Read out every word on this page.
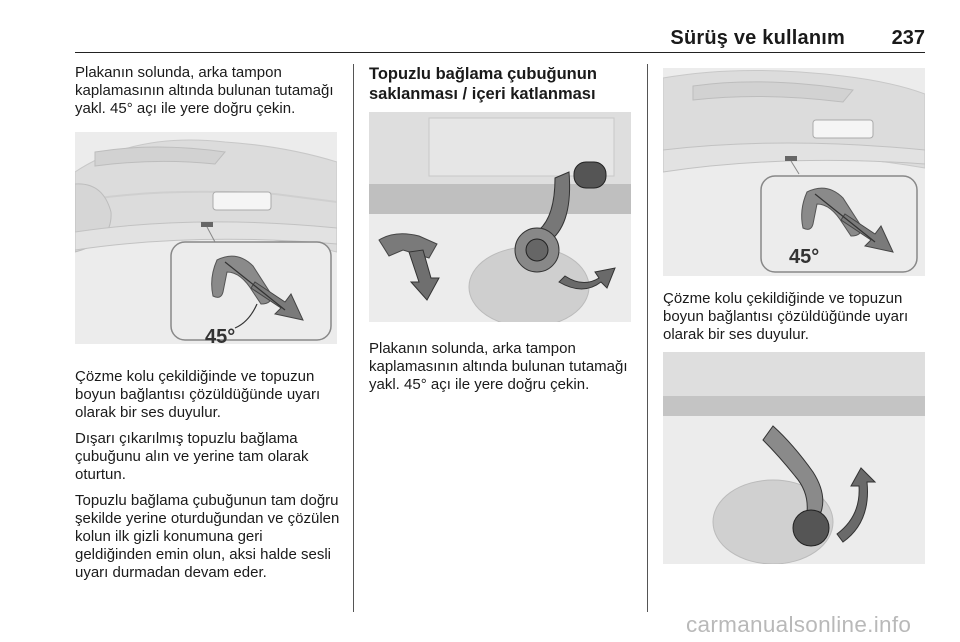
Sürüş ve kullanım 237

Plakanın solunda, arka tampon kaplamasının altında bulunan tutamağı yakl. 45° açı ile yere doğru çekin.

45°

Çözme kolu çekildiğinde ve topuzun boyun bağlantısı çözüldüğünde uyarı olarak bir ses duyulur.

Dışarı çıkarılmış topuzlu bağlama çubuğunu alın ve yerine tam olarak oturtun.

Topuzlu bağlama çubuğunun tam doğru şekilde yerine oturduğundan ve çözülen kolun ilk gizli konumuna geri geldiğinden emin olun, aksi halde sesli uyarı durmadan devam eder.

Topuzlu bağlama çubuğunun saklanması / içeri katlanması

Plakanın solunda, arka tampon kaplamasının altında bulunan tutamağı yakl. 45° açı ile yere doğru çekin.

45°

Çözme kolu çekildiğinde ve topuzun boyun bağlantısı çözüldüğünde uyarı olarak bir ses duyulur.

carmanualsonline.info
